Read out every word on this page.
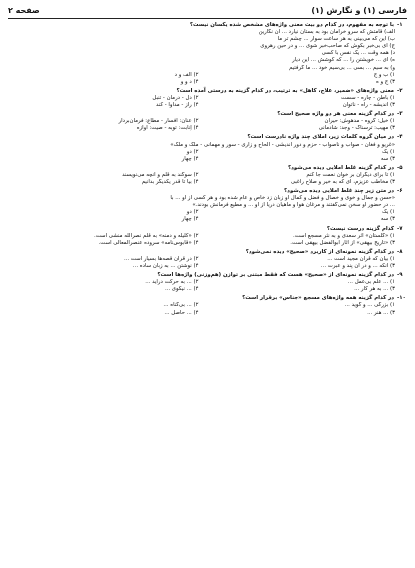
فارسی (۱) و نگارش (۱)
صفحه ۲
۱-
با توجه به مفهوم، در کدام دو بیت معنی واژه‌های مشخص شده یکسان نیست؟
الف) قامتش که سرو خرامان بود به بستان نیارد ... آن نگارین
ب) این که می‌بینی به هر ساعت سوار ... چشم تر ما
ج) ای بی‌خبر بکوش که صاحب‌خبر شوی ... و در حین رهروی
د) همه وقت ... یک نفس با کسی
ه) ای ... خویشتن را ... که کوشش ... این دیار
و) به سیم ... بسی ... بی‌سیم خود ... ما گرفتیم
۱) ب و ج
۲) الف و د
۳) ج و ه
۴) د و و
۲-
معنی واژه‌های «ضمیر، علاج، کاهل» به ترتیب، در کدام گزینه به درستی آمده است؟
۱) باطن - چاره - سست
۲) دل - درمان - تنبل
۳) اندیشه - راه - ناتوان
۴) راز - مداوا - کُند
۳-
در کدام گزینه معنی هر دو واژه صحیح است؟
۱) خیل: گروه - مدهوش: حیران
۲) عنان: افسار - مطاع: فرمان‌بردار
۳) مهیب: ترسناک - وجد: شادمانی
۴) اِنابت: توبه - صیت: آوازه
۴-
در میان گروه کلمات زیر، املای چند واژه نادرست است؟
«غریو و فغان - صواب و ناصواب - حزم و دور اندیشی - الحاح و زاری - سور و مهمانی - ملک و ملک»
۱) یک
۲) دو
۳) سه
۴) چهار
۵-
در کدام گزینه غلط املایی دیده می‌شود؟
۱) تا برای دیگران بر خوان نعمت جا کنم
۲) سوگند به قلم و آنچه می‌نویسند
۳) مخاطب عزیزم، ای که به خیر و صلاح راغبی
۴) بیا تا قدر یکدیگر بدانیم
۶-
در متن زیر چند غلط املایی دیده می‌شود؟
«حسن و جمال و خوی و خصال و فضل و کمال او زبان زد خاص و عام شده بود و هر کسی از او ... با
... در حضور او سخن نمی‌گفتند و مرغان هوا و ماهیان دریا از او ... و مطیع فرمانش بودند.»
۱) یک
۲) دو
۳) سه
۴) چهار
۷-
کدام گزینه درست نیست؟
۱) «گلستان» اثر سعدی و به نثر مسجع است.
۲) «کلیله و دمنه» به قلم نصرالله منشی است.
۳) «تاریخ بیهقی» از آثار ابوالفضل بیهقی است.
۴) «قابوس‌نامه» سروده عنصرالمعالی است.
۸-
در کدام گزینه نمونه‌ای از کاربرد «صحیح» دیده نمی‌شود؟
۱) بیان که قرآن مجید است ...
۲) در قرآن قصه‌ها بسیار است ...
۳) آنکه ... و در آن پند و عبرت ...
۴) نوشتن ... به زبان ساده ...
۹-
در کدام گزینه نمونه‌ای از «صحیح» هست که فقط مبتنی بر توازن (هم‌وزنی) واژه‌ها است؟
۱) ... علم بی‌عمل ...
۲) ... به حرکت درآید ...
۳) ... به هر کار ...
۴) ... نیکوی ...
۱۰-
در کدام گزینه همه واژه‌های مسجع «جناس» برقرار است؟
۱) بزرگی ... و گوید ...
۲) ... بی‌گناه ...
۳) ... هنر ...
۴) ... حاصل ...
